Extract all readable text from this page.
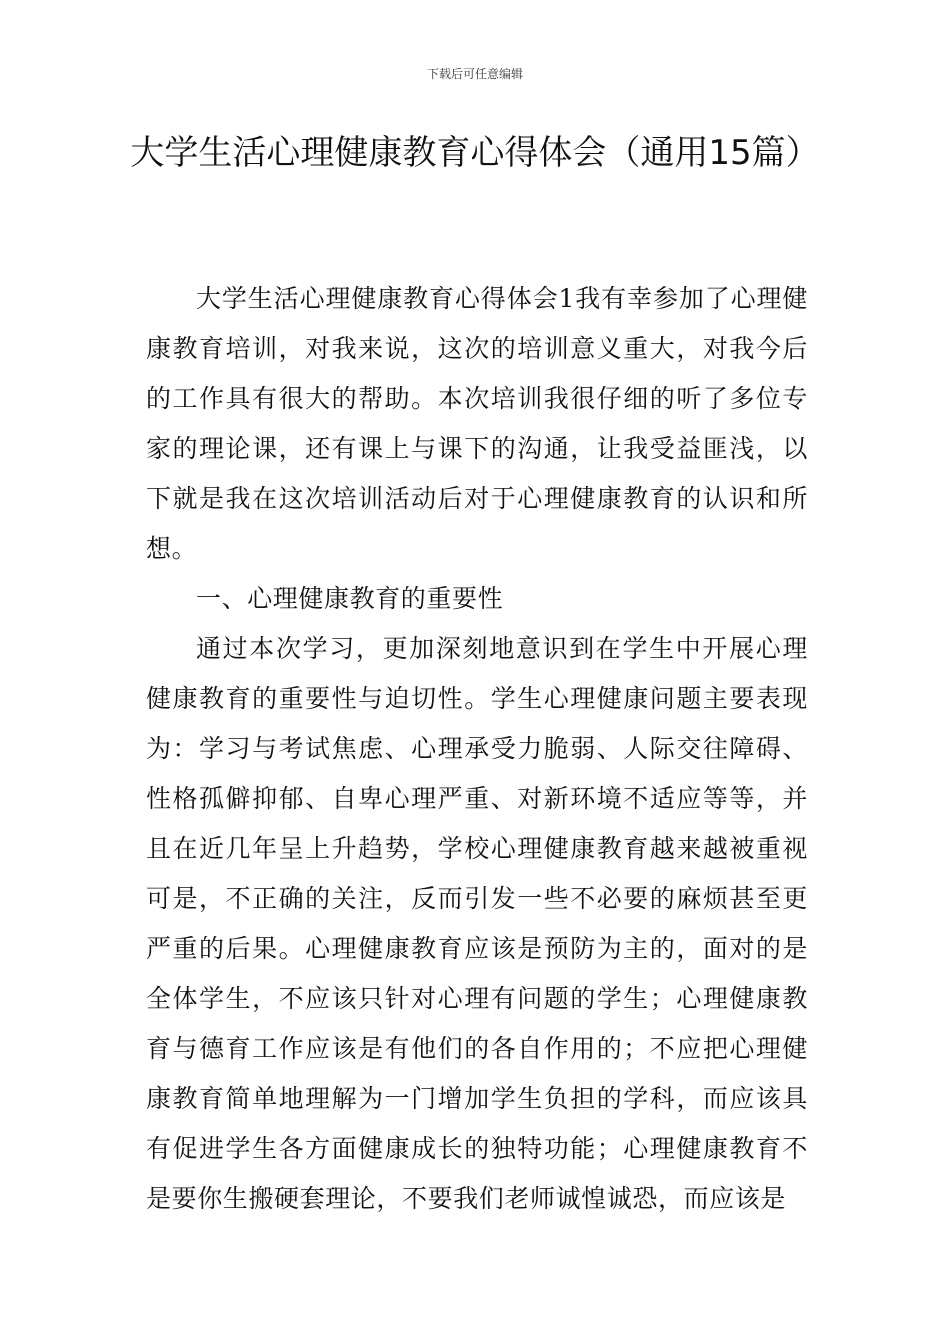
下载后可任意编辑
大学生活心理健康教育心得体会（通用15篇）

大学生活心理健康教育心得体会1我有幸参加了心理健康教育培训，对我来说，这次的培训意义重大，对我今后的工作具有很大的帮助。本次培训我很仔细的听了多位专家的理论课，还有课上与课下的沟通，让我受益匪浅，以下就是我在这次培训活动后对于心理健康教育的认识和所想。

一、心理健康教育的重要性

通过本次学习，更加深刻地意识到在学生中开展心理健康教育的重要性与迫切性。学生心理健康问题主要表现为：学习与考试焦虑、心理承受力脆弱、人际交往障碍、性格孤僻抑郁、自卑心理严重、对新环境不适应等等，并且在近几年呈上升趋势，学校心理健康教育越来越被重视可是，不正确的关注，反而引发一些不必要的麻烦甚至更严重的后果。心理健康教育应该是预防为主的，面对的是全体学生，不应该只针对心理有问题的学生；心理健康教育与德育工作应该是有他们的各自作用的；不应把心理健康教育简单地理解为一门增加学生负担的学科，而应该具有促进学生各方面健康成长的独特功能；心理健康教育不是要你生搬硬套理论，不要我们老师诚惶诚恐，而应该是
